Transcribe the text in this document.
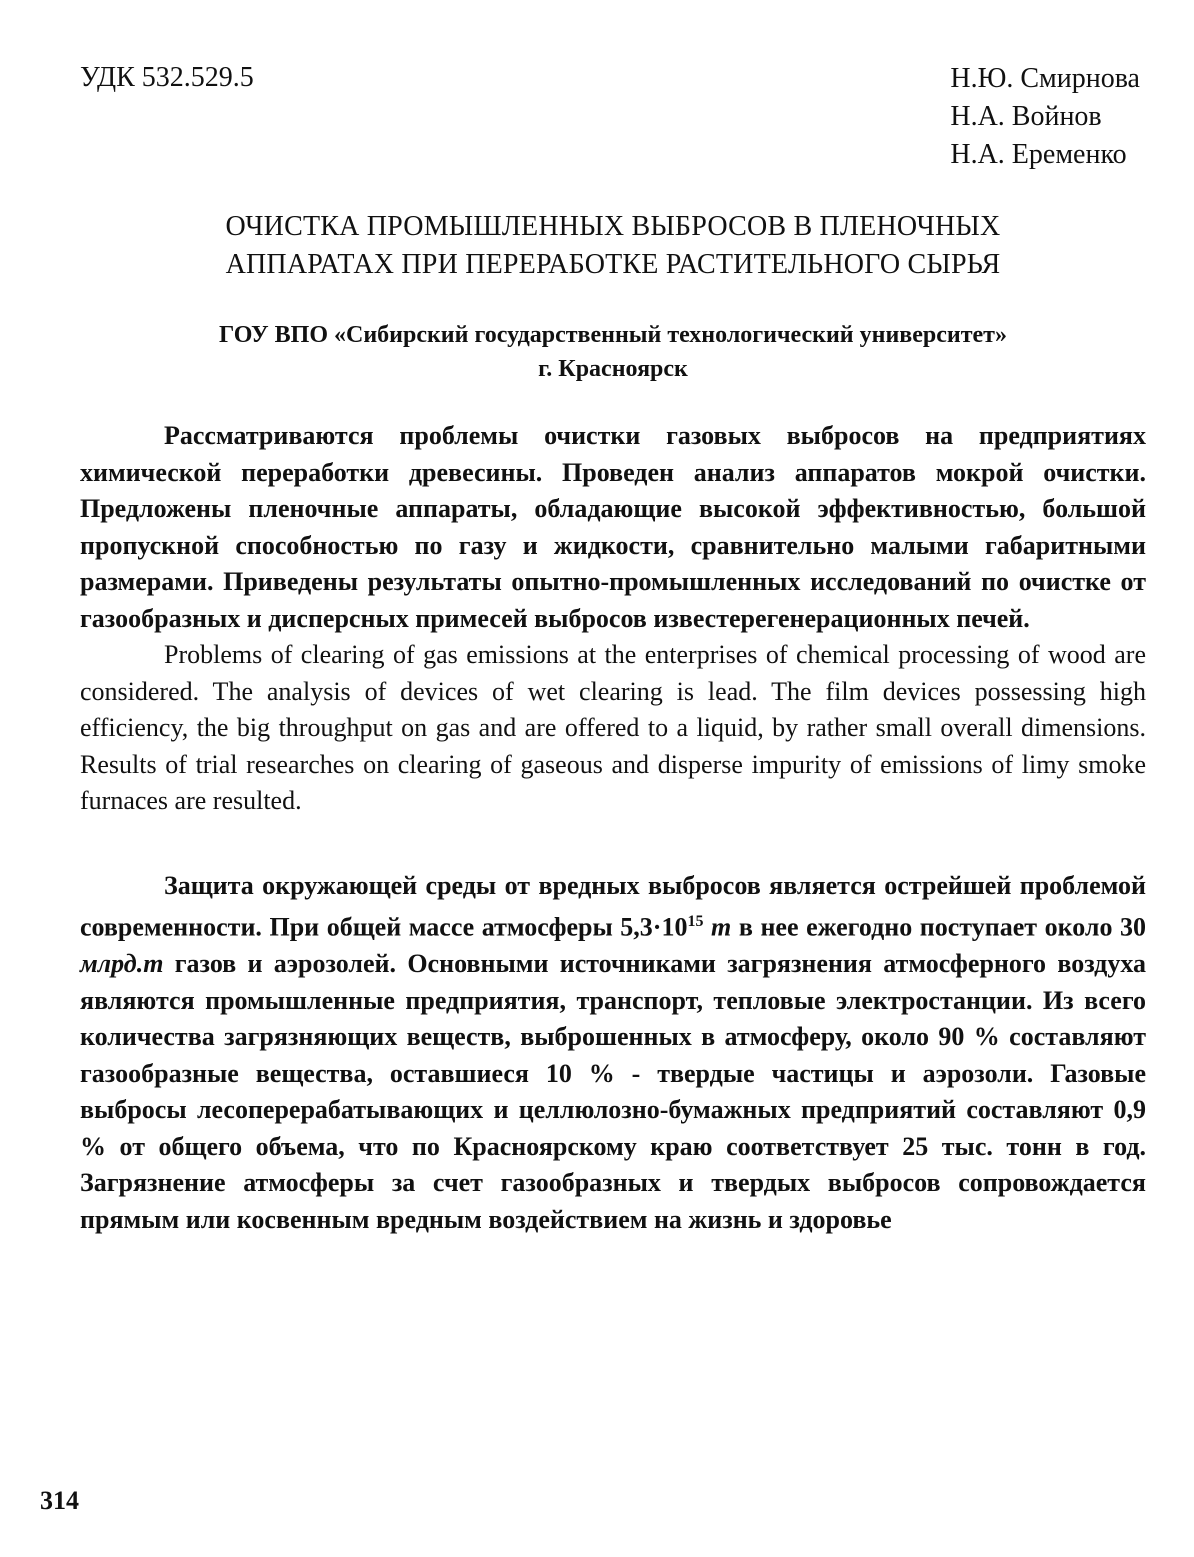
УДК 532.529.5	Н.Ю. Смирнова
Н.А. Войнов
Н.А. Еременко
ОЧИСТКА ПРОМЫШЛЕННЫХ ВЫБРОСОВ В ПЛЕНОЧНЫХ
АППАРАТАХ ПРИ ПЕРЕРАБОТКЕ РАСТИТЕЛЬНОГО СЫРЬЯ
ГОУ ВПО «Сибирский государственный технологический университет»
г. Красноярск

Рассматриваются проблемы очистки газовых выбросов на предприятиях химической переработки древесины. Проведен анализ аппаратов мокрой очистки. Предложены пленочные аппараты, обладающие высокой эффективностью, большой пропускной способностью по газу и жидкости, сравнительно малыми габаритными размерами. Приведены результаты опытно-промышленных исследований по очистке от газообразных и дисперсных примесей выбросов известерегенерационных печей.

Problems of clearing of gas emissions at the enterprises of chemical processing of wood are considered. The analysis of devices of wet clearing is lead. The film devices possessing high efficiency, the big throughput on gas and are offered to a liquid, by rather small overall dimensions. Results of trial researches on clearing of gaseous and disperse impurity of emissions of limy smoke furnaces are resulted.

Защита окружающей среды от вредных выбросов является острейшей проблемой современности. При общей массе атмосферы $5,3\cdot 10^{15}$ т в нее ежегодно поступает около 30 млрд.т газов и аэрозолей. Основными источниками загрязнения атмосферного воздуха являются промышленные предприятия, транспорт, тепловые электростанции. Из всего количества загрязняющих веществ, выброшенных в атмосферу, около 90 % составляют газообразные вещества, оставшиеся 10 % - твердые частицы и аэрозоли. Газовые выбросы лесоперерабатывающих и целлюлозно-бумажных предприятий составляют 0,9 % от общего объема, что по Красноярскому краю соответствует 25 тыс. тонн в год. Загрязнение атмосферы за счет газообразных и твердых выбросов сопровождается прямым или косвенным вредным воздействием на жизнь и здоровье

314
